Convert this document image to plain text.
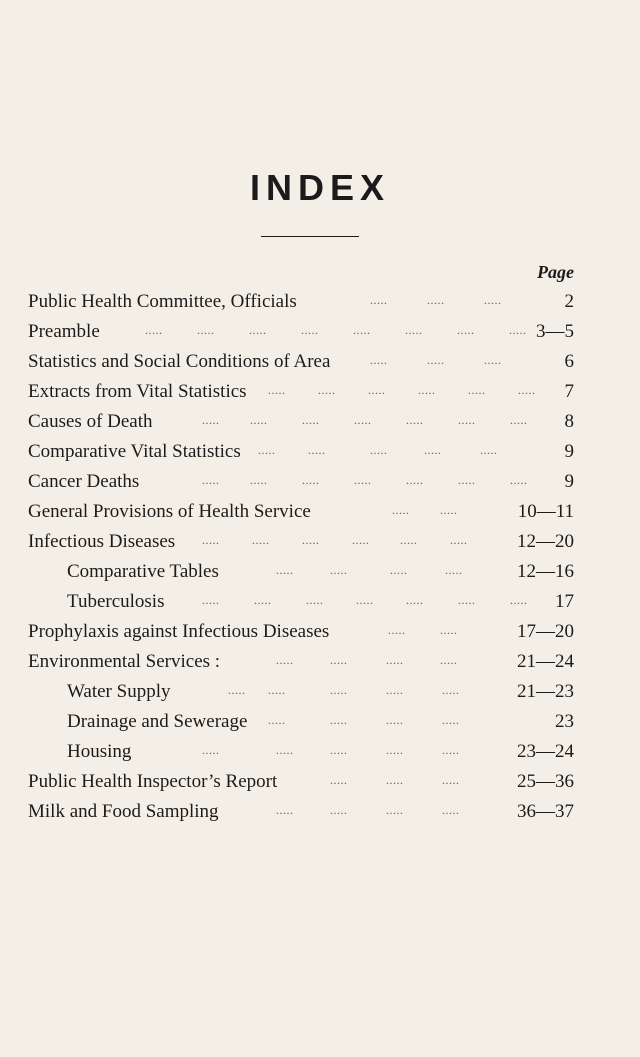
INDEX
Page
Public Health Committee, Officials	.....	.....	.....	2
Preamble	.....	.....	.....	.....	.....	.....	.....	..... 3—5
Statistics and Social Conditions of Area	.....	.....	.....	6
Extracts from Vital Statistics .....	.....	.....	.....	.....	..... 7
Causes of Death	.....	.....	.....	.....	.....	.....	..... 8
Comparative Vital Statistics .....	.....	.....	.....	.....	9
Cancer Deaths	.....	.....	.....	.....	.....	.....	..... 9
General Provisions of Health Service	.....	.....	10—11
Infectious Diseases .....	.....	.....	.....	.....	.....	12—20
Comparative Tables	.....	.....	.....	.....	12—16
Tuberculosis	.....	.....	.....	.....	.....	.....	..... 17
Prophylaxis against Infectious Diseases	.....	.....	17—20
Environmental Services :	.....	.....	.....	.....	21—24
Water Supply	..... .....	.....	.....	.....	21—23
Drainage and Sewerage .....	.....	.....	.....	23
Housing	.....	.....	.....	.....	.....	23—24
Public Health Inspector’s Report	.....	.....	.....	25—36
Milk and Food Sampling	.....	.....	.....	.....	36—37
